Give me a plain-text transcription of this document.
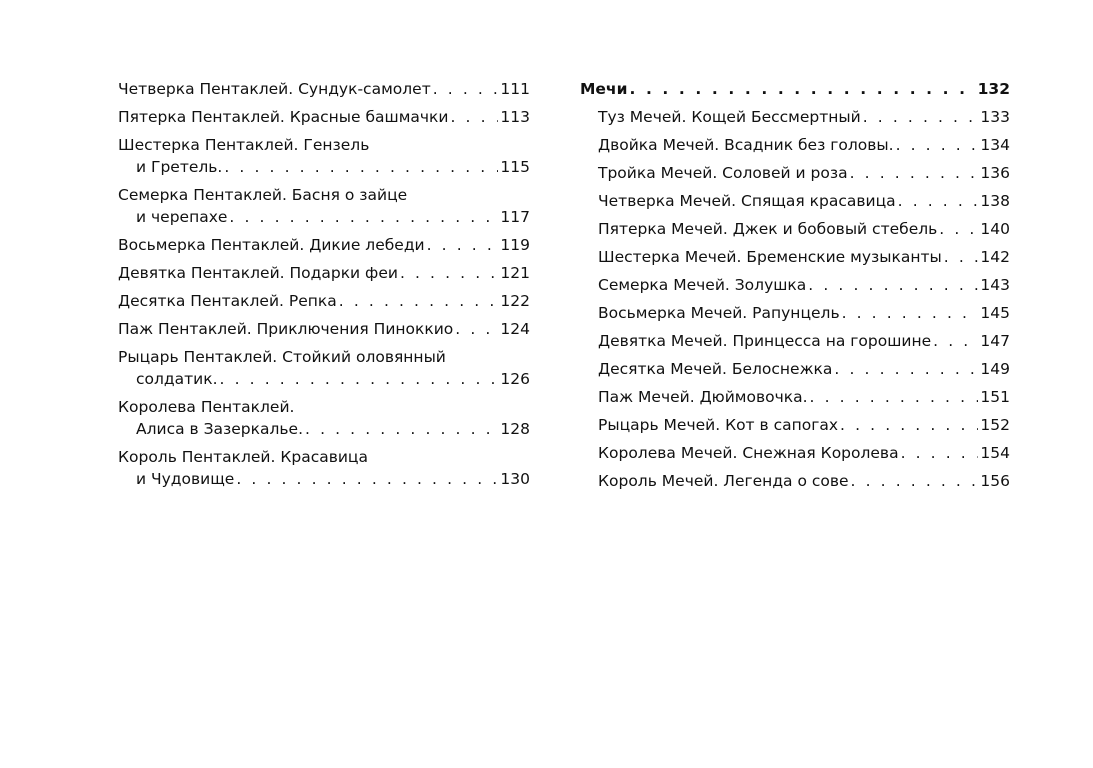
Четверка Пентаклей. Сундук-самолет . . .	111
Пятерка Пентаклей. Красные башмачки . . .	113
Шестерка Пентаклей. Гензель
и Гретель. . . .	115
Семерка Пентаклей. Басня о зайце
и черепахе . . .	117
Восьмерка Пентаклей. Дикие лебеди . . .	119
Девятка Пентаклей. Подарки феи . . .	121
Десятка Пентаклей. Репка . . .	122
Паж Пентаклей. Приключения Пиноккио . . .	124
Рыцарь Пентаклей. Стойкий оловянный
солдатик. . . .	126
Королева Пентаклей.
Алиса в Зазеркалье. . . .	128
Король Пентаклей. Красавица
и Чудовище . . .	130
Мечи . . .	132
Туз Мечей. Кощей Бессмертный . . .	133
Двойка Мечей. Всадник без головы. . . .	134
Тройка Мечей. Соловей и роза . . .	136
Четверка Мечей. Спящая красавица . . .	138
Пятерка Мечей. Джек и бобовый стебель . . .	140
Шестерка Мечей. Бременские музыканты . . . 142
Семерка Мечей. Золушка . . .	143
Восьмерка Мечей. Рапунцель . . .	145
Девятка Мечей. Принцесса на горошине . . .	147
Десятка Мечей. Белоснежка . . .	149
Паж Мечей. Дюймовочка. . . .	151
Рыцарь Мечей. Кот в сапогах . . .	152
Королева Мечей. Снежная Королева . . .	154
Король Мечей. Легенда о сове . . .	156
